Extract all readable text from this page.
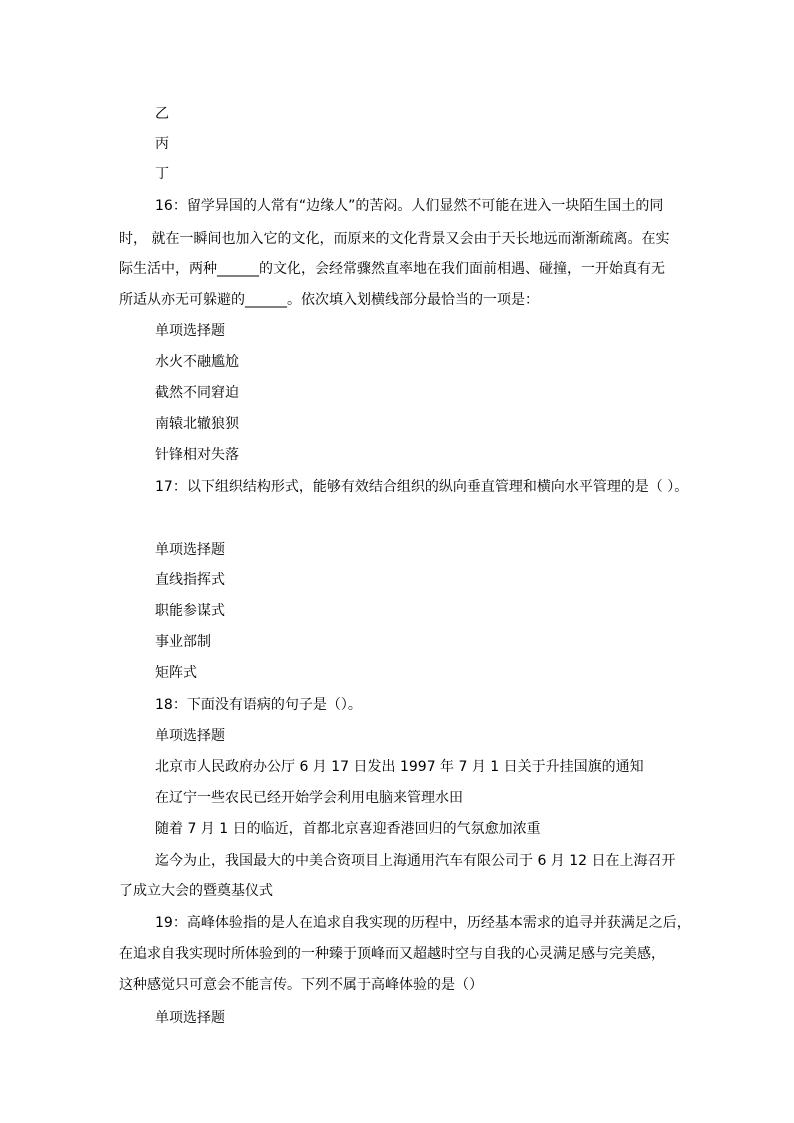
乙
丙
丁
16：留学异国的人常有“边缘人”的苦闷。人们显然不可能在进入一块陌生国土的同
时， 就在一瞬间也加入它的文化，而原来的文化背景又会由于天长地远而渐渐疏离。在实
际生活中，两种______的文化，会经常骤然直率地在我们面前相遇、碰撞，一开始真有无
所适从亦无可躲避的______。依次填入划横线部分最恰当的一项是：
单项选择题
水火不融尴尬
截然不同窘迫
南辕北辙狼狈
针锋相对失落
17：以下组织结构形式，能够有效结合组织的纵向垂直管理和横向水平管理的是（ ）。
单项选择题
直线指挥式
职能参谋式
事业部制
矩阵式
18：下面没有语病的句子是（）。
单项选择题
北京市人民政府办公厅 6 月 17 日发出 1997 年 7 月 1 日关于升挂国旗的通知
在辽宁一些农民已经开始学会利用电脑来管理水田
随着 7 月 1 日的临近，首都北京喜迎香港回归的气氛愈加浓重
迄今为止，我国最大的中美合资项目上海通用汽车有限公司于 6 月 12 日在上海召开
了成立大会的暨奠基仪式
19：高峰体验指的是人在追求自我实现的历程中，历经基本需求的追寻并获满足之后，
在追求自我实现时所体验到的一种臻于顶峰而又超越时空与自我的心灵满足感与完美感，
这种感觉只可意会不能言传。下列不属于高峰体验的是（）
单项选择题
